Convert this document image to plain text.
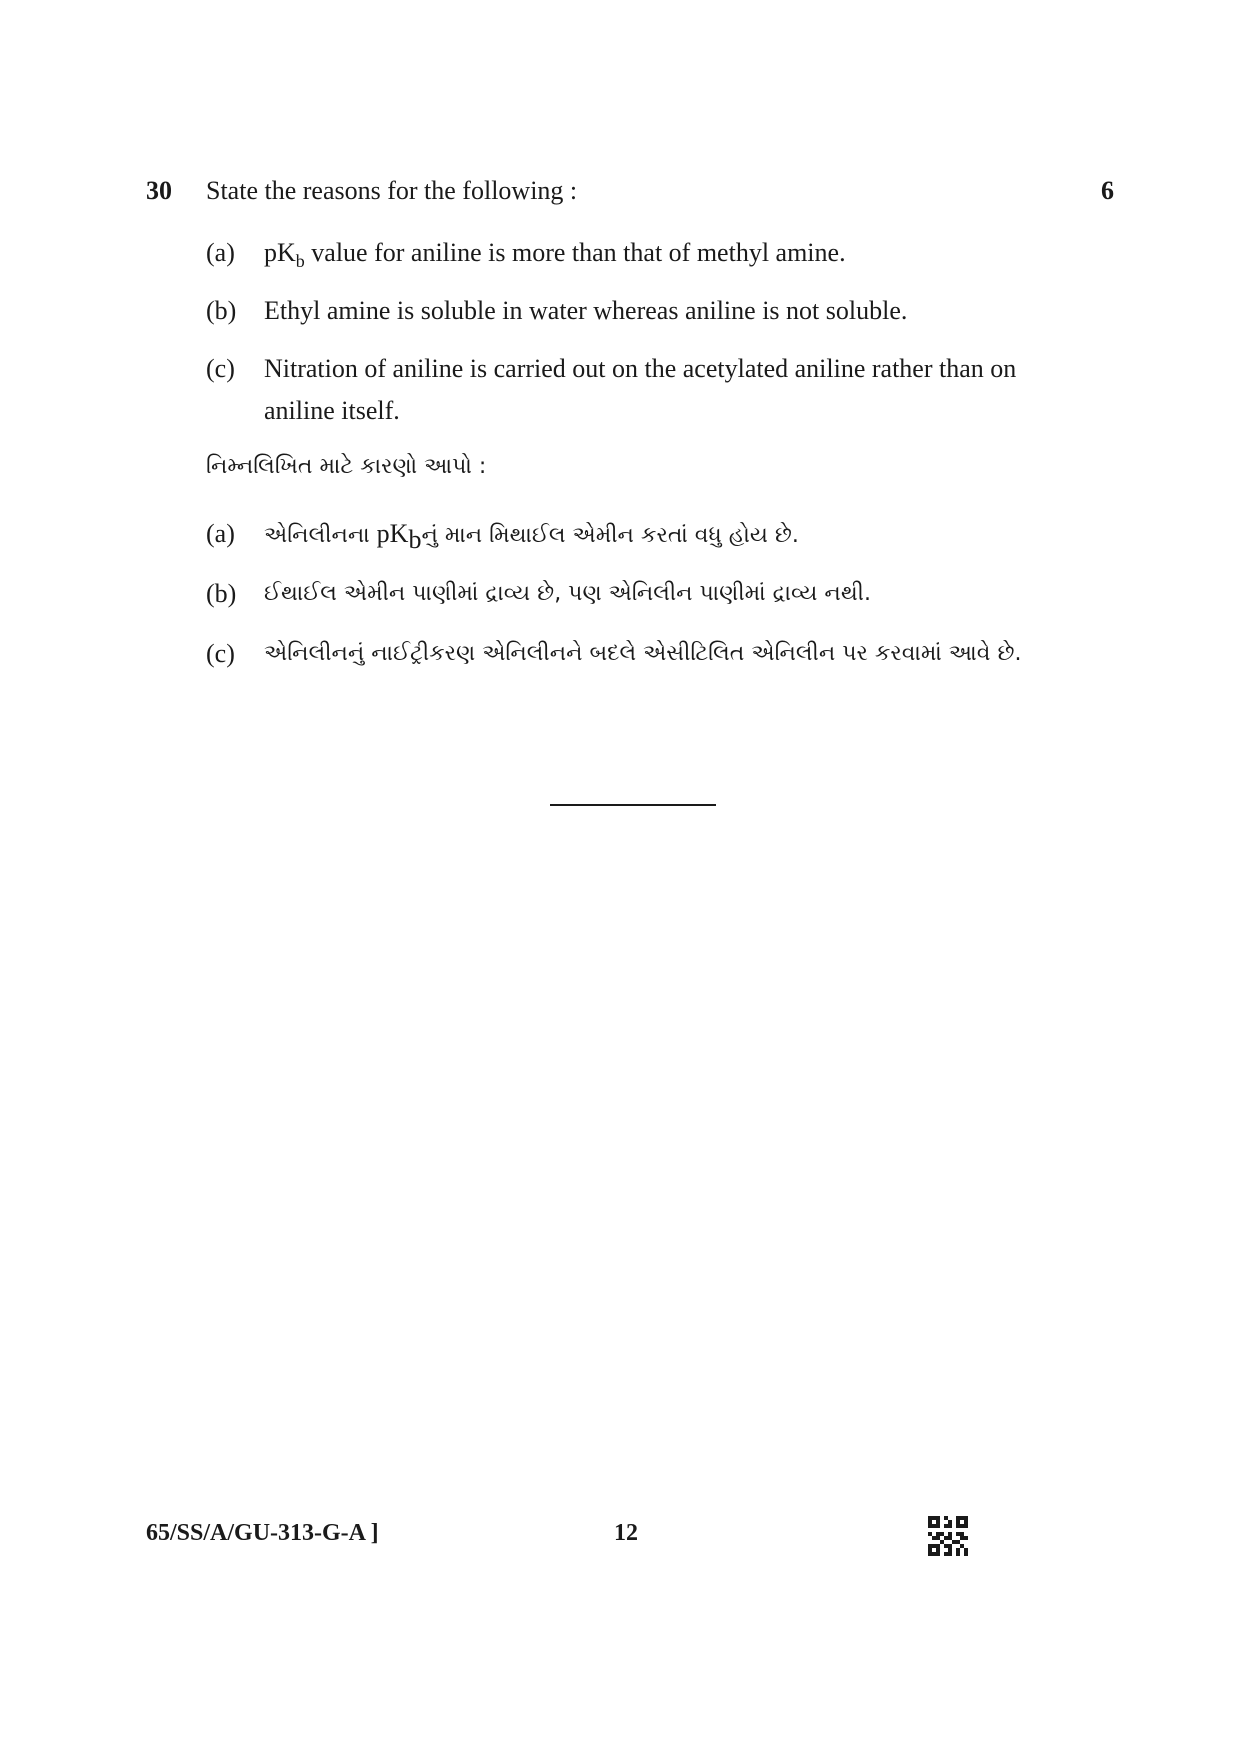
30 State the reasons for the following :	6
(a) $pK_b$ value for aniline is more than that of methyl amine.
(b) Ethyl amine is soluble in water whereas aniline is not soluble.
(c) Nitration of aniline is carried out on the acetylated aniline rather than on aniline itself.
નિમ્નલિખિત માટે કારણો આપો :
(a) એનિલીનના $pK_bનું$ માન મિથાઈલ એમીન કરતાં વધુ હોય છે.
(b) ઈથાઈલ એમીન પાણીમાં દ્રાવ્ય છે, પણ એનિલીન પાણીમાં દ્રાવ્ય નથી.
(c) એનિલીનનું નાઈટ્રીકરણ એનિલીનને બદલે એસીટિલિત એનિલીન પર કરવામાં આવે છે.
65/SS/A/GU-313-G-A ]	12
